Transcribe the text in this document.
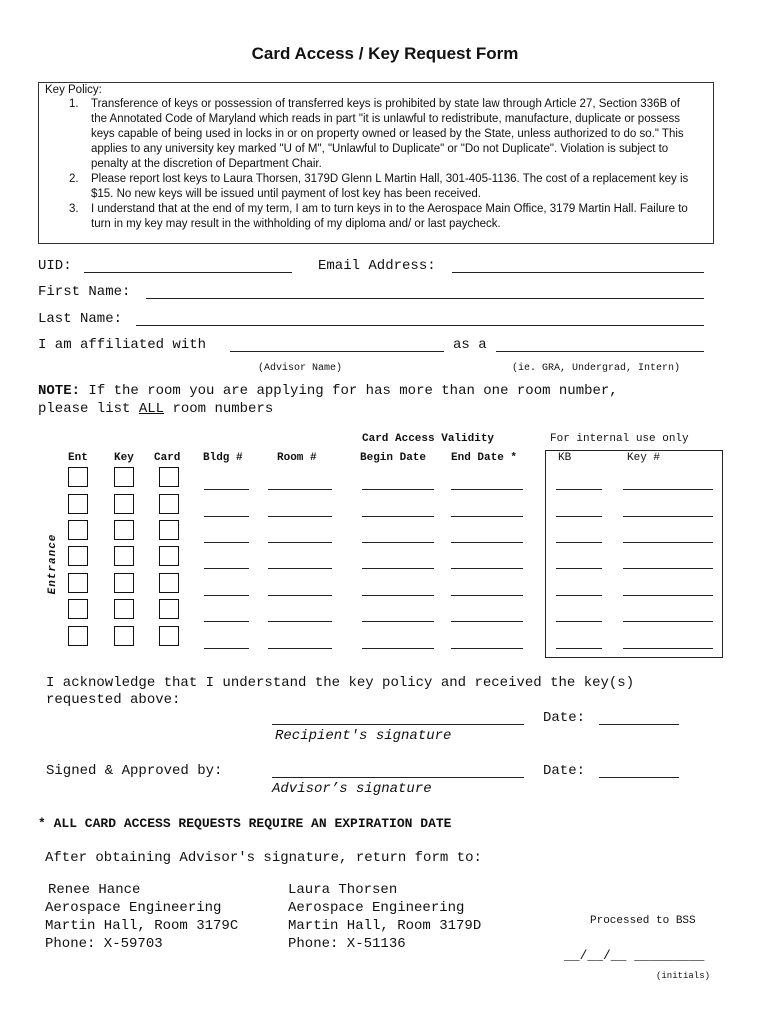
Card Access / Key Request Form
Key Policy:
1. Transference of keys or possession of transferred keys is prohibited by state law through Article 27, Section 336B of the Annotated Code of Maryland which reads in part "it is unlawful to redistribute, manufacture, duplicate or possess keys capable of being used in locks in or on property owned or leased by the State, unless authorized to do so." This applies to any university key marked "U of M", "Unlawful to Duplicate" or "Do not Duplicate". Violation is subject to penalty at the discretion of Department Chair.
2. Please report lost keys to Laura Thorsen, 3179D Glenn L Martin Hall, 301-405-1136. The cost of a replacement key is $15. No new keys will be issued until payment of lost key has been received.
3. I understand that at the end of my term, I am to turn keys in to the Aerospace Main Office, 3179 Martin Hall. Failure to turn in my key may result in the withholding of my diploma and/ or last paycheck.
UID:	Email Address:
First Name:
Last Name:
I am affiliated with	as a
(Advisor Name)	(ie. GRA, Undergrad, Intern)
NOTE: If the room you are applying for has more than one room number,
please list ALL room numbers
Card Access Validity	For internal use only
Ent Key Card Bldg #	Room #	Begin Date End Date *	KB	Key #
Entrance
I acknowledge that I understand the key policy and received the key(s)
requested above:
Date:
Recipient's signature
Signed & Approved by:	Date:
Advisor’s signature
* ALL CARD ACCESS REQUESTS REQUIRE AN EXPIRATION DATE
After obtaining Advisor's signature, return form to:
Renee Hance
Aerospace Engineering
Martin Hall, Room 3179C
Phone: X-59703
Laura Thorsen
Aerospace Engineering
Martin Hall, Room 3179D
Phone: X-51136
Processed to BSS
__/__/__ _________
(initials)
